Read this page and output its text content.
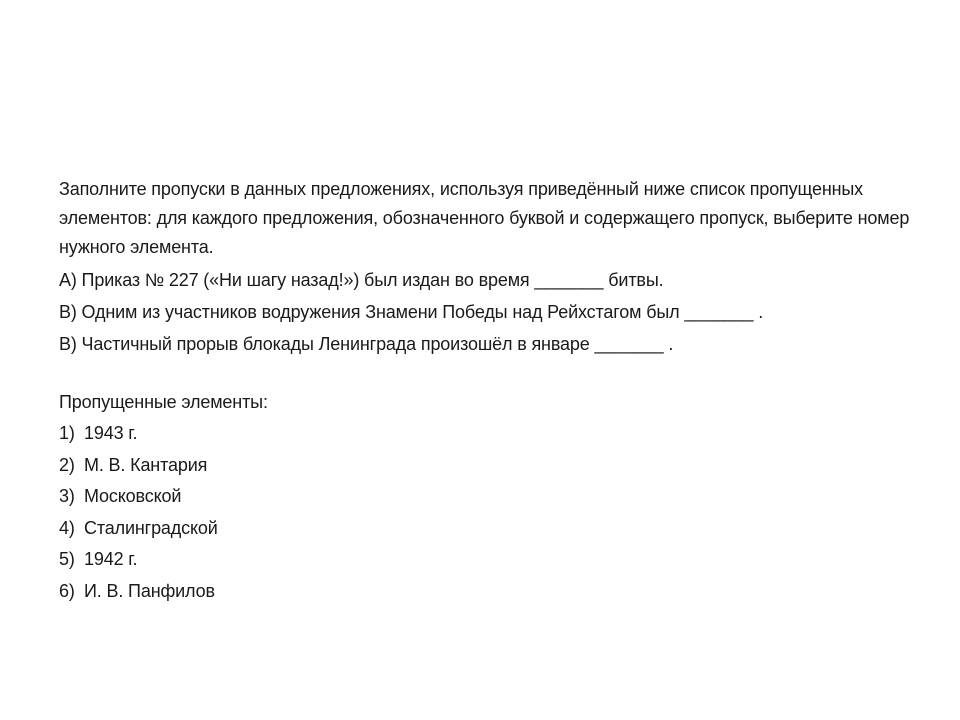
Заполните пропуски в данных предложениях, используя приведённый ниже список пропущенных элементов: для каждого предложения, обозначенного буквой и содержащего пропуск, выберите номер нужного элемента.

А) Приказ № 227 («Ни шагу назад!») был издан во время _______ битвы.

В) Одним из участников водружения Знамени Победы над Рейхстагом был _______ .

В) Частичный прорыв блокады Ленинграда произошёл в январе _______ .

Пропущенные элементы:

1) 1943 г.
2) М. В. Кантария
3) Московской
4) Сталинградской
5) 1942 г.
6) И. В. Панфилов
